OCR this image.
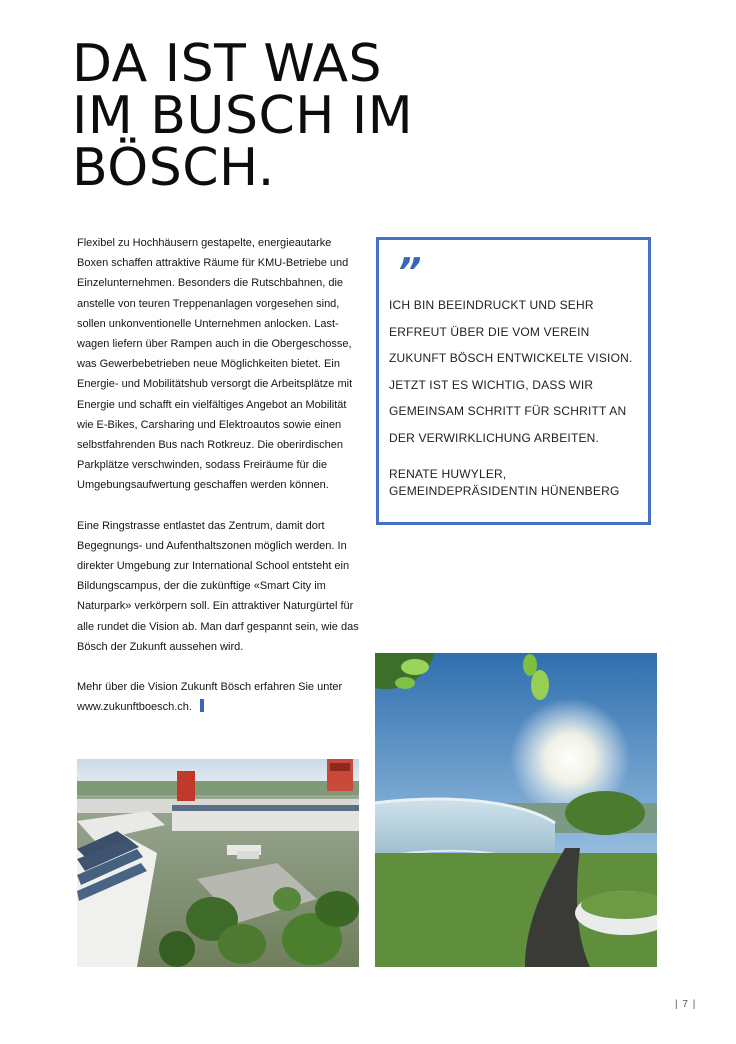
DA IST WAS
IM BUSCH IM
BÖSCH.

Flexibel zu Hochhäusern gestapelte, energieautarke Boxen schaffen attraktive Räume für KMU-Betriebe und Einzelunternehmen. Besonders die Rutschbahnen, die anstelle von teuren Treppenanlagen vorgesehen sind, sollen unkonventionelle Unternehmen anlocken. Last-wagen liefern über Rampen auch in die Obergeschosse, was Gewerbebetrieben neue Möglichkeiten bietet. Ein Energie- und Mobilitätshub versorgt die Arbeitsplätze mit Energie und schafft ein vielfältiges Angebot an Mobilität wie E-Bikes, Carsharing und Elektroautos sowie einen selbstfahrenden Bus nach Rotkreuz. Die oberirdischen Parkplätze verschwinden, sodass Freiräume für die Umgebungsaufwertung geschaffen werden können.

Eine Ringstrasse entlastet das Zentrum, damit dort Begegnungs- und Aufenthaltszonen möglich werden. In direkter Umgebung zur International School entsteht ein Bildungscampus, der die zukünftige «Smart City im Naturpark» verkörpern soll. Ein attraktiver Naturgürtel für alle rundet die Vision ab. Man darf gespannt sein, wie das Bösch der Zukunft aussehen wird.

Mehr über die Vision Zukunft Bösch erfahren Sie unter www.zukunftboesch.ch.

”
ICH BIN BEEINDRUCKT UND SEHR ERFREUT ÜBER DIE VOM VEREIN ZUKUNFT BÖSCH ENTWICKELTE VISION. JETZT IST ES WICHTIG, DASS WIR GEMEINSAM SCHRITT FÜR SCHRITT AN DER VERWIRKLICHUNG ARBEITEN.
RENATE HUWYLER,
GEMEINDEPRÄSIDENTIN HÜNENBERG
| 7 |
